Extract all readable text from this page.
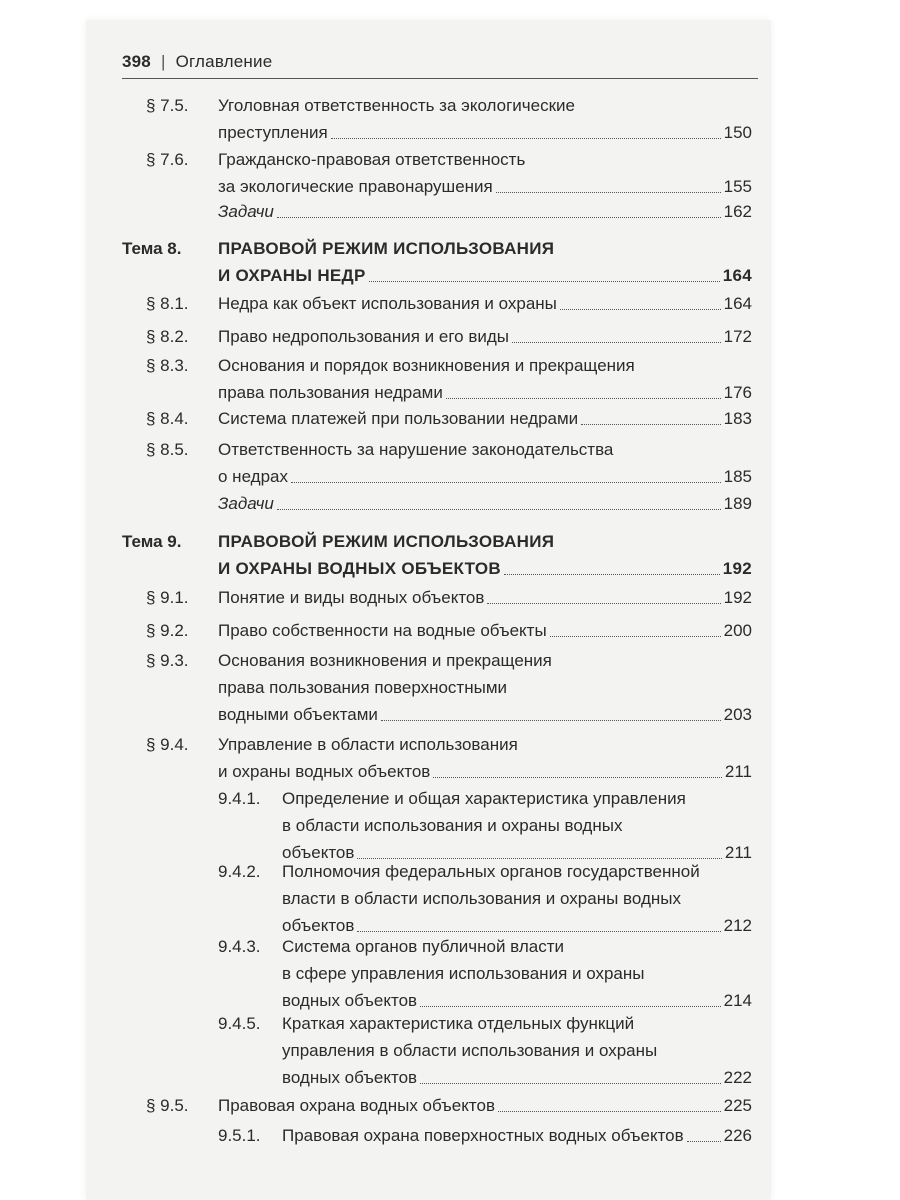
398 | Оглавление
§ 7.5. Уголовная ответственность за экологические
преступления	150
§ 7.6. Гражданско-правовая ответственность
за экологические правонарушения	155
Задачи	162
Тема 8. ПРАВОВОЙ РЕЖИМ ИСПОЛЬЗОВАНИЯ
И ОХРАНЫ НЕДР	164
§ 8.1. Недра как объект использования и охраны	164
§ 8.2. Право недропользования и его виды	172
§ 8.3. Основания и порядок возникновения и прекращения
права пользования недрами	176
§ 8.4. Система платежей при пользовании недрами	183
§ 8.5. Ответственность за нарушение законодательства
о недрах	185
Задачи	189
Тема 9. ПРАВОВОЙ РЕЖИМ ИСПОЛЬЗОВАНИЯ
И ОХРАНЫ ВОДНЫХ ОБЪЕКТОВ	192
§ 9.1. Понятие и виды водных объектов	192
§ 9.2. Право собственности на водные объекты	200
§ 9.3. Основания возникновения и прекращения
права пользования поверхностными
водными объектами	203
§ 9.4. Управление в области использования
и охраны водных объектов	211
9.4.1. Определение и общая характеристика управления
в области использования и охраны водных
объектов	211
9.4.2. Полномочия федеральных органов государственной
власти в области использования и охраны водных
объектов	212
9.4.3. Система органов публичной власти
в сфере управления использования и охраны
водных объектов	214
9.4.5. Краткая характеристика отдельных функций
управления в области использования и охраны
водных объектов	222
§ 9.5. Правовая охрана водных объектов	225
9.5.1. Правовая охрана поверхностных водных объектов 226
